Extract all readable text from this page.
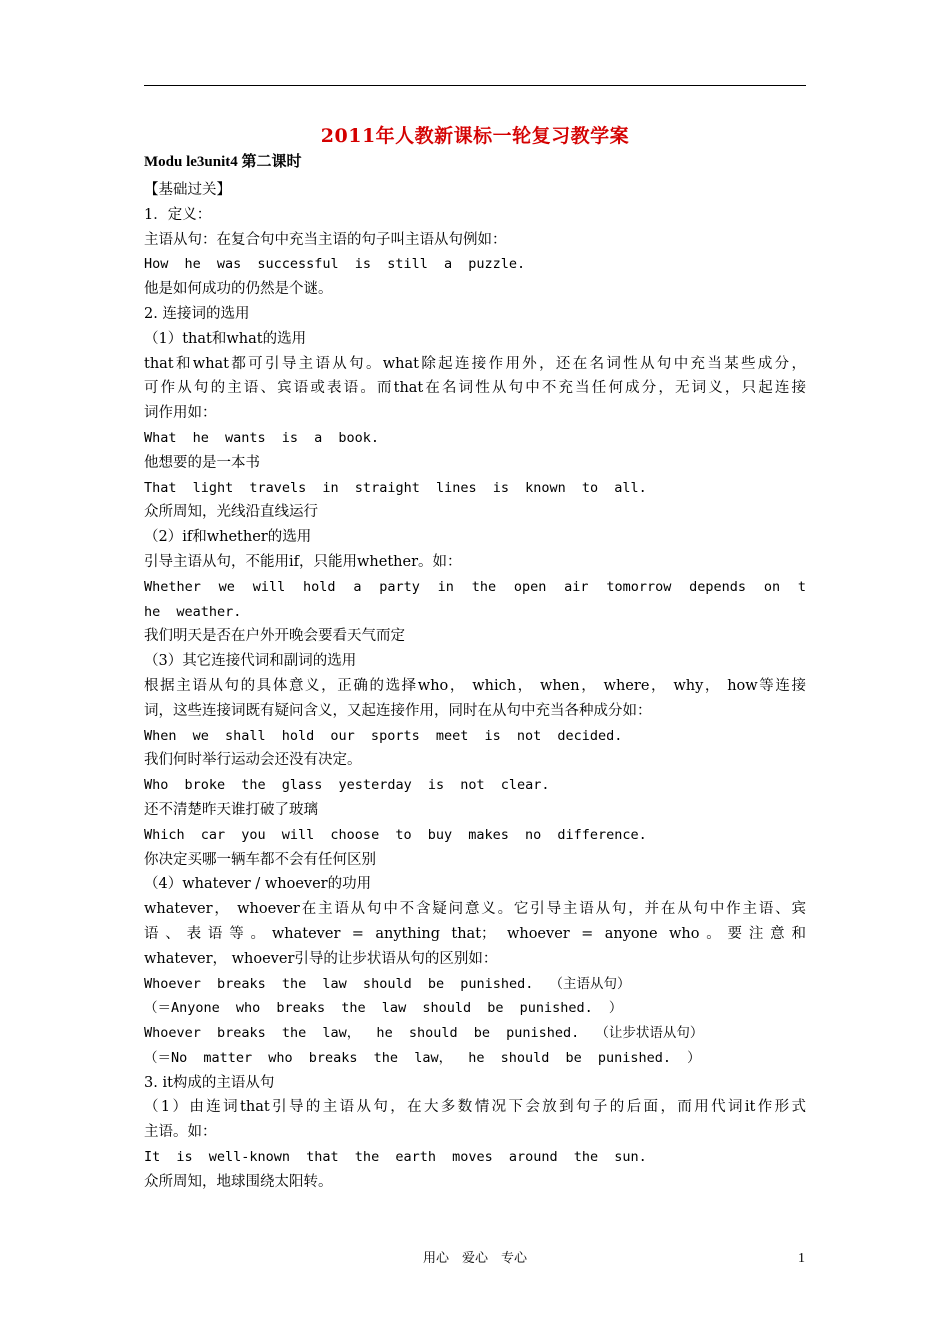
2011年人教新课标一轮复习教学案
Modu le3unit4 第二课时
【基础过关】
1．定义：
主语从句：在复合句中充当主语的句子叫主语从句例如：
How he was successful is still a puzzle.
他是如何成功的仍然是个谜。
2. 连接词的选用
（1）that和what的选用
that和what都可引导主语从句。what除起连接作用外，还在名词性从句中充当某些成分，
可作从句的主语、宾语或表语。而that在名词性从句中不充当任何成分，无词义，只起连接
词作用如：
What he wants is a book.
他想要的是一本书
That light travels in straight lines is known to all.
众所周知，光线沿直线运行
（2）if和whether的选用
引导主语从句，不能用if，只能用whether。如：
Whether we will hold a party in the open air tomorrow depends on t
he weather.
我们明天是否在户外开晚会要看天气而定
（3）其它连接代词和副词的选用
根据主语从句的具体意义，正确的选择who， which， when， where， why， how等连接
词，这些连接词既有疑问含义，又起连接作用，同时在从句中充当各种成分如：
When we shall hold our sports meet is not decided.
我们何时举行运动会还没有决定。
Who broke the glass yesterday is not clear.
还不清楚昨天谁打破了玻璃
Which car you will choose to buy makes no difference.
你决定买哪一辆车都不会有任何区别
（4）whatever / whoever的功用
whatever， whoever在主语从句中不含疑问意义。它引导主语从句，并在从句中作主语、宾
语、表语等。whatever = anything that； whoever = anyone who。要注意和
whatever， whoever引导的让步状语从句的区别如：
Whoever breaks the law should be punished. （主语从句）
（＝Anyone who breaks the law should be punished. ）
Whoever breaks the law， he should be punished. （让步状语从句）
（＝No matter who breaks the law， he should be punished. ）
3. it构成的主语从句
（1）由连词that引导的主语从句，在大多数情况下会放到句子的后面，而用代词it作形式
主语。如：
It is well-known that the earth moves around the sun.
众所周知，地球围绕太阳转。
用心　爱心　专心	1
